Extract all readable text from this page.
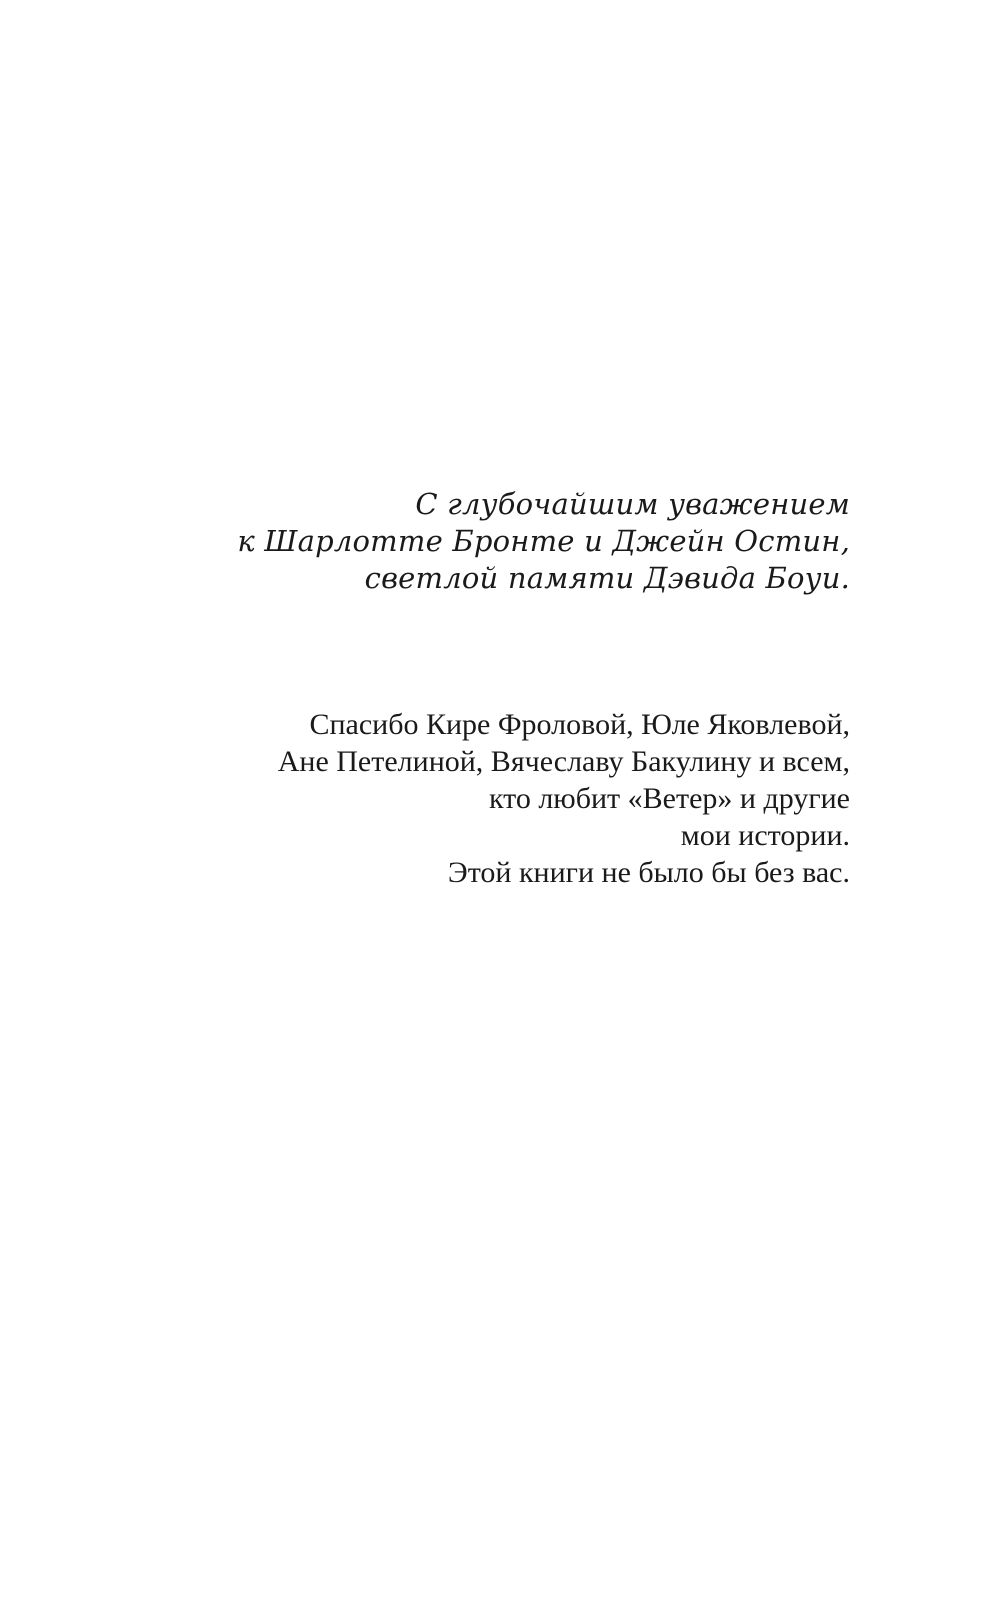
С глубочайшим уважением
к Шарлотте Бронте и Джейн Остин,
светлой памяти Дэвида Боуи.
Спасибо Кире Фроловой, Юле Яковлевой,
Ане Петелиной, Вячеславу Бакулину и всем,
кто любит «Ветер» и другие
мои истории.
Этой книги не было бы без вас.
